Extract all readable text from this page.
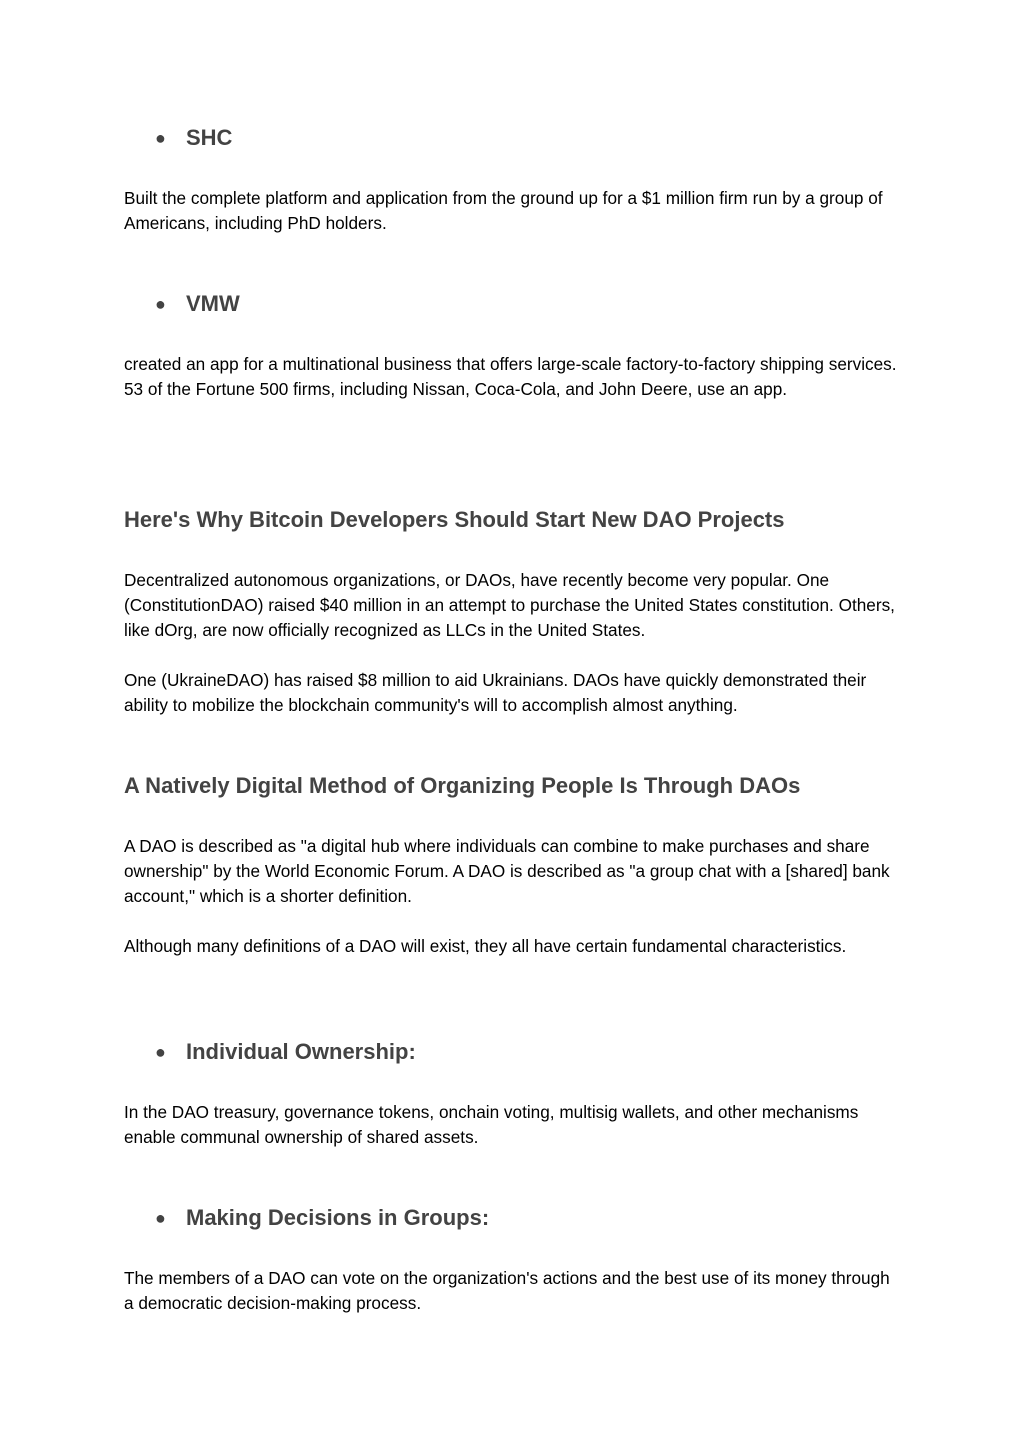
● SHC

Built the complete platform and application from the ground up for a $1 million firm run by a group of Americans, including PhD holders.

● VMW

created an app for a multinational business that offers large-scale factory-to-factory shipping services. 53 of the Fortune 500 firms, including Nissan, Coca-Cola, and John Deere, use an app.

Here's Why Bitcoin Developers Should Start New DAO Projects

Decentralized autonomous organizations, or DAOs, have recently become very popular. One (ConstitutionDAO) raised $40 million in an attempt to purchase the United States constitution. Others, like dOrg, are now officially recognized as LLCs in the United States.

One (UkraineDAO) has raised $8 million to aid Ukrainians. DAOs have quickly demonstrated their ability to mobilize the blockchain community's will to accomplish almost anything.

A Natively Digital Method of Organizing People Is Through DAOs

A DAO is described as "a digital hub where individuals can combine to make purchases and share ownership" by the World Economic Forum. A DAO is described as "a group chat with a [shared] bank account," which is a shorter definition.

Although many definitions of a DAO will exist, they all have certain fundamental characteristics.

● Individual Ownership:

In the DAO treasury, governance tokens, onchain voting, multisig wallets, and other mechanisms enable communal ownership of shared assets.

● Making Decisions in Groups:

The members of a DAO can vote on the organization's actions and the best use of its money through a democratic decision-making process.
